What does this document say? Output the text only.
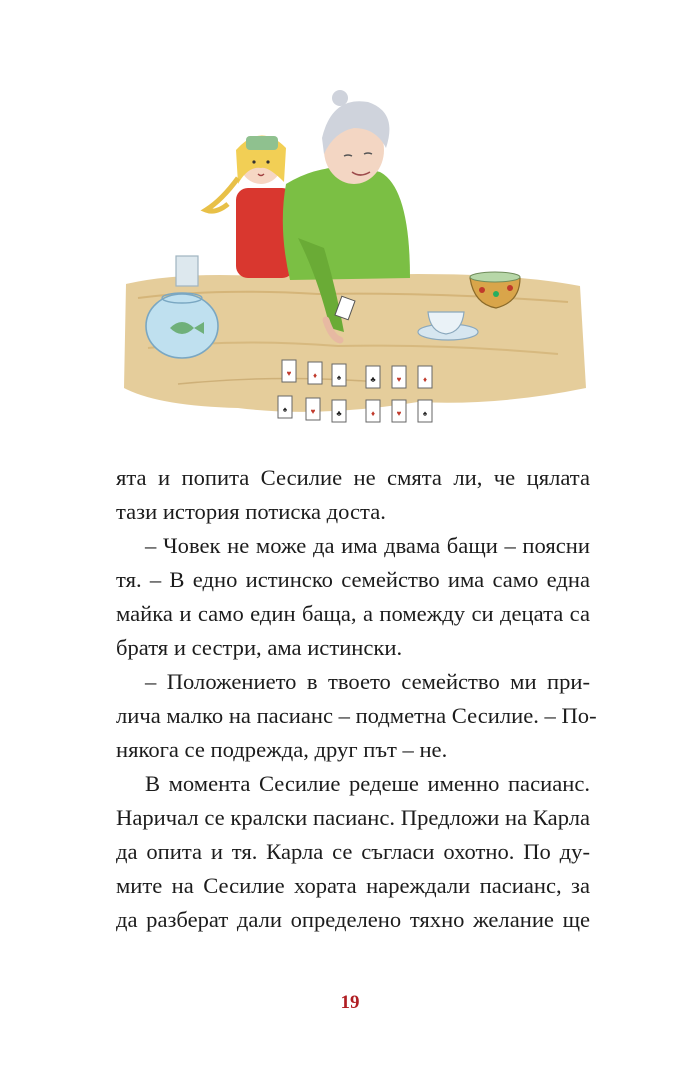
♥	♦ ♠	♣	♥	♦
♠	♥	♣	♦	♥	♠
ята и попита Сесилие не смята ли, че цялата
тази история потиска доста.
– Човек не може да има двама бащи – поясни
тя. – В едно истинско семейство има само една
майка и само един баща, а помежду си децата са
братя и сестри, ама истински.
– Положението в твоето семейство ми при-
лича малко на пасианс – подметна Сесилие. – По-
някога се подрежда, друг път – не.
В момента Сесилие редеше именно пасианс.
Наричал се кралски пасианс. Предложи на Карла
да опита и тя. Карла се съгласи охотно. По ду-
мите на Сесилие хората нареждали пасианс, за
да разберат дали определено тяхно желание ще
19
